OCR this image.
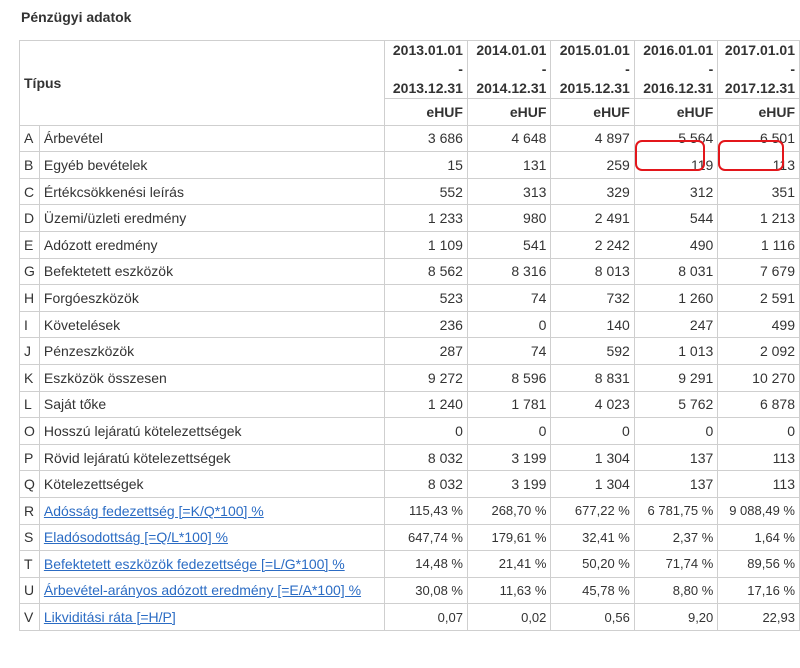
Pénzügyi adatok
Típus		2013.01.01
-
2013.12.31	2014.01.01
-
2014.12.31	2015.01.01
-
2015.12.31	2016.01.01
-
2016.12.31	2017.01.01
-
2017.12.31
		eHUF	eHUF	eHUF	eHUF	eHUF
A	Árbevétel	3 686	4 648	4 897	5 564	6 501
B	Egyéb bevételek	15	131	259	119	113
C	Értékcsökkenési leírás	552	313	329	312	351
D	Üzemi/üzleti eredmény	1 233	980	2 491	544	1 213
E	Adózott eredmény	1 109	541	2 242	490	1 116
G	Befektetett eszközök	8 562	8 316	8 013	8 031	7 679
H	Forgóeszközök	523	74	732	1 260	2 591
I	Követelések	236	0	140	247	499
J	Pénzeszközök	287	74	592	1 013	2 092
K	Eszközök összesen	9 272	8 596	8 831	9 291	10 270
L	Saját tőke	1 240	1 781	4 023	5 762	6 878
O	Hosszú lejáratú kötelezettségek	0	0	0	0	0
P	Rövid lejáratú kötelezettségek	8 032	3 199	1 304	137	113
Q	Kötelezettségek	8 032	3 199	1 304	137	113
R	Adósság fedezettség [=K/Q*100] %	115,43 %	268,70 %	677,22 %	6 781,75 %	9 088,49 %
S	Eladósodottság [=Q/L*100] %	647,74 %	179,61 %	32,41 %	2,37 %	1,64 %
T	Befektetett eszközök fedezettsége [=L/G*100] %	14,48 %	21,41 %	50,20 %	71,74 %	89,56 %
U	Árbevétel-arányos adózott eredmény [=E/A*100] %	30,08 %	11,63 %	45,78 %	8,80 %	17,16 %
V	Likviditási ráta [=H/P]	0,07	0,02	0,56	9,20	22,93
